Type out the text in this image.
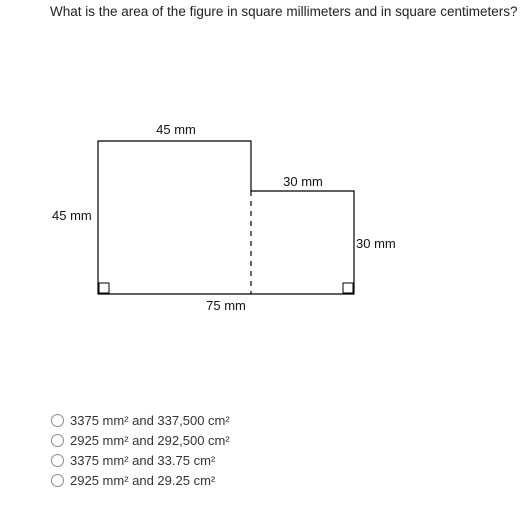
What is the area of the figure in square millimeters and in square centimeters?
45 mm
45 mm
30 mm
30 mm
75 mm
3375 mm² and 337,500 cm²
2925 mm² and 292,500 cm²
3375 mm² and 33.75 cm²
2925 mm² and 29.25 cm²
